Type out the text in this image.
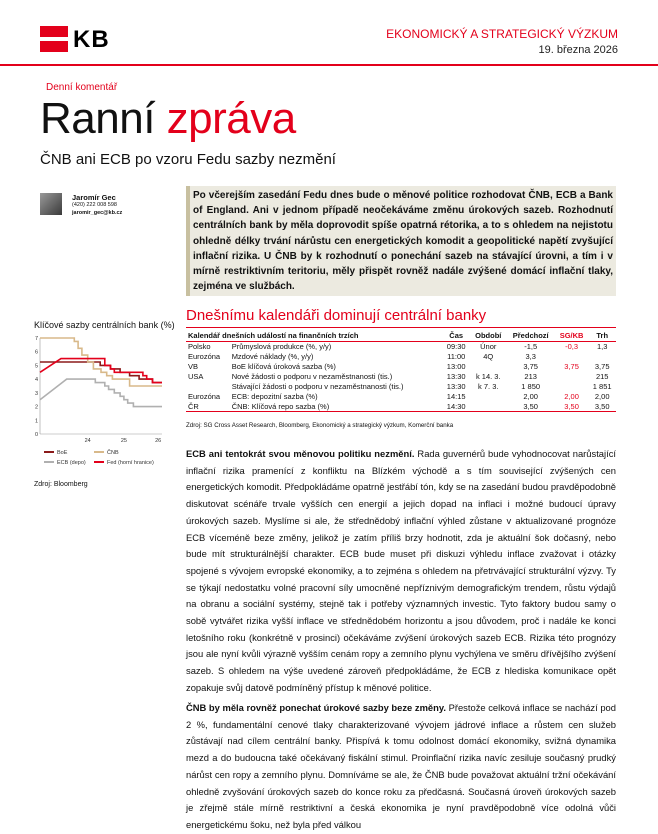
KB	EKONOMICKÝ A STRATEGICKÝ VÝZKUM
19. března 2026
Denní komentář
Ranní zpráva
ČNB ani ECB po vzoru Fedu sazby nezmění
Jaromír Gec
(420) 222 008 598
jaromir_gec@kb.cz
Po včerejším zasedání Fedu dnes bude o měnové politice rozhodovat ČNB, ECB a Bank of England. Ani v jednom případě neočekáváme změnu úrokových sazeb. Rozhodnutí centrálních bank by měla doprovodit spíše opatrná rétorika, a to s ohledem na nejistotu ohledně délky trvání nárůstu cen energetických komodit a geopolitické napětí zvyšující inflační rizika. U ČNB by k rozhodnutí o ponechání sazeb na stávající úrovni, a tím i v mírně restriktivním teritoriu, měly přispět rovněž nadále zvýšené domácí inflační tlaky, zejména ve službách.
Dnešnímu kalendáři dominují centrální banky
Kalendář dnešních událostí na finančních trzích		Čas	Období	Předchozí	SG/KB	Trh
Polsko	Průmyslová produkce (%, y/y)	09:30	Únor	-1,5	-0,3	1,3
Eurozóna	Mzdové náklady (%, y/y)	11:00	4Q	3,3		
VB	BoE klíčová úroková sazba (%)	13:00		3,75	3,75	3,75
USA	Nové žádosti o podporu v nezaměstnanosti (tis.)	13:30	k 14. 3.	213		215
	Stávající žádosti o podporu v nezaměstnanosti (tis.)	13:30	k 7. 3.	1 850		1 851
Eurozóna	ECB: depozitní sazba (%)	14:15		2,00	2,00	2,00
ČR	ČNB: Klíčová repo sazba (%)	14:30		3,50	3,50	3,50
Zdroj: SG Cross Asset Research, Bloomberg, Ekonomický a strategický výzkum, Komerční banka
Klíčové sazby centrálních bank (%)
0
1
2
3
4
5
6
7
24	25	26
BoE	ČNB
ECB (depo)	Fed (horní hranice)
Zdroj: Bloomberg
ECB ani tentokrát svou měnovou politiku nezmění. Rada guvernérů bude vyhodnocovat narůstající inflační rizika pramenící z konfliktu na Blízkém východě a s tím související zvýšených cen energetických komodit. Předpokládáme opatrně jestřábí tón, kdy se na zasedání budou pravděpodobně diskutovat scénáře trvale vyšších cen energií a jejich dopad na inflaci i možné budoucí úpravy úrokových sazeb. Myslíme si ale, že střednědobý inflační výhled zůstane v aktualizované prognóze ECB víceméně beze změny, jelikož je zatím příliš brzy hodnotit, zda je aktuální šok dočasný, nebo bude mít strukturálnější charakter. ECB bude muset při diskuzi výhledu inflace zvažovat i otázky spojené s vývojem evropské ekonomiky, a to zejména s ohledem na přetrvávající strukturální výzvy. Ty se týkají nedostatku volné pracovní síly umocněné nepříznivým demografickým trendem, růstu výdajů na obranu a sociální systémy, stejně tak i potřeby významných investic. Tyto faktory budou samy o sobě vytvářet rizika vyšší inflace ve střednědobém horizontu a jsou důvodem, proč i nadále ke konci letošního roku (konkrétně v prosinci) očekáváme zvýšení úrokových sazeb ECB. Rizika této prognózy jsou ale nyní kvůli výrazně vyšším cenám ropy a zemního plynu vychýlena ve směru dřívějšího zvýšení sazeb. S ohledem na výše uvedené zároveň předpokládáme, že ECB z hlediska komunikace opět zopakuje svůj datově podmíněný přístup k měnové politice.
ČNB by měla rovněž ponechat úrokové sazby beze změny. Přestože celková inflace se nachází pod 2 %, fundamentální cenové tlaky charakterizované vývojem jádrové inflace a růstem cen služeb zůstávají nad cílem centrální banky. Přispívá k tomu odolnost domácí ekonomiky, svižná dynamika mezd a do budoucna také očekávaný fiskální stimul. Proinflační rizika navíc zesiluje současný prudký nárůst cen ropy a zemního plynu. Domníváme se ale, že ČNB bude považovat aktuální tržní očekávání ohledně zvyšování úrokových sazeb do konce roku za předčasná. Současná úroveň úrokových sazeb je zřejmě stále mírně restriktivní a česká ekonomika je nyní pravděpodobně více odolná vůči energetickému šoku, než byla před válkou
